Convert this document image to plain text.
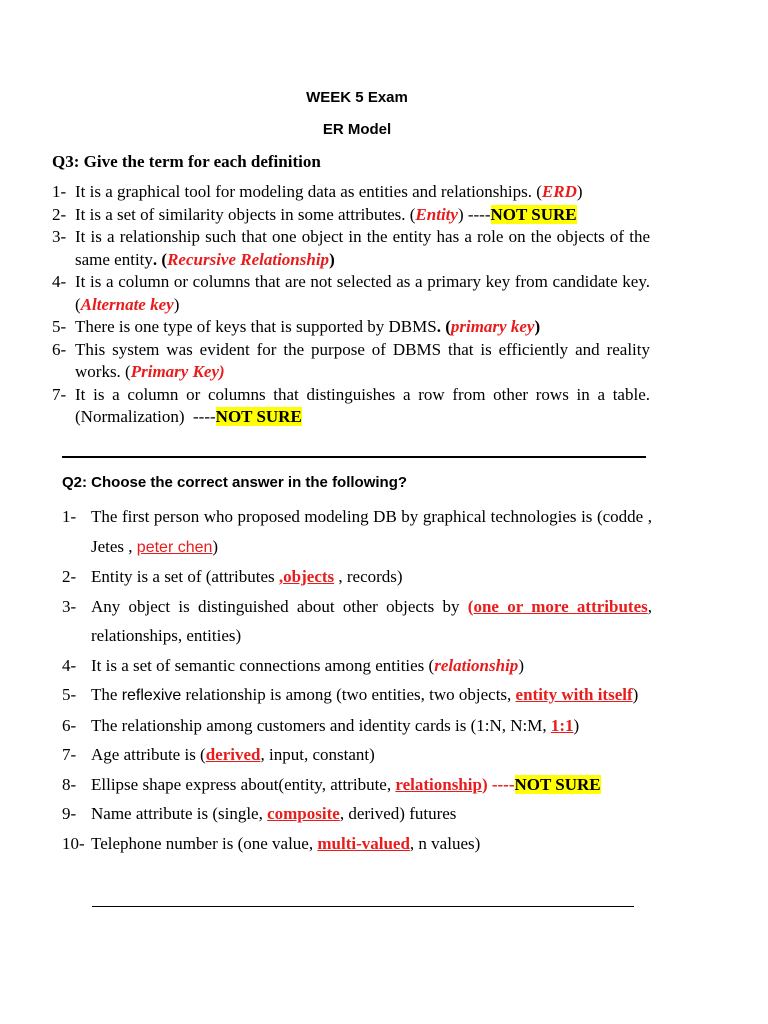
WEEK 5 Exam
ER Model
Q3: Give the term for each definition
1- It is a graphical tool for modeling data as entities and relationships. (ERD)
2- It is a set of similarity objects in some attributes. (Entity) ----NOT SURE
3- It is a relationship such that one object in the entity has a role on the objects of the same entity. (Recursive Relationship)
4- It is a column or columns that are not selected as a primary key from candidate key. (Alternate key)
5- There is one type of keys that is supported by DBMS. (primary key)
6- This system was evident for the purpose of DBMS that is efficiently and reality works. (Primary Key)
7- It is a column or columns that distinguishes a row from other rows in a table. (Normalization)  ----NOT SURE
Q2: Choose the correct answer in the following?
1- The first person who proposed modeling DB by graphical technologies is (codde , Jetes , peter chen)
2- Entity is a set of (attributes ,objects , records)
3- Any object is distinguished about other objects by (one or more attributes, relationships, entities)
4- It is a set of semantic connections among entities (relationship)
5- The reflexive relationship is among (two entities, two objects, entity with itself)
6- The relationship among customers and identity cards is (1:N, N:M, 1:1)
7- Age attribute is (derived, input, constant)
8- Ellipse shape express about(entity, attribute, relationship) ----NOT SURE
9- Name attribute is (single, composite, derived) futures
10- Telephone number is (one value, multi-valued, n values)
